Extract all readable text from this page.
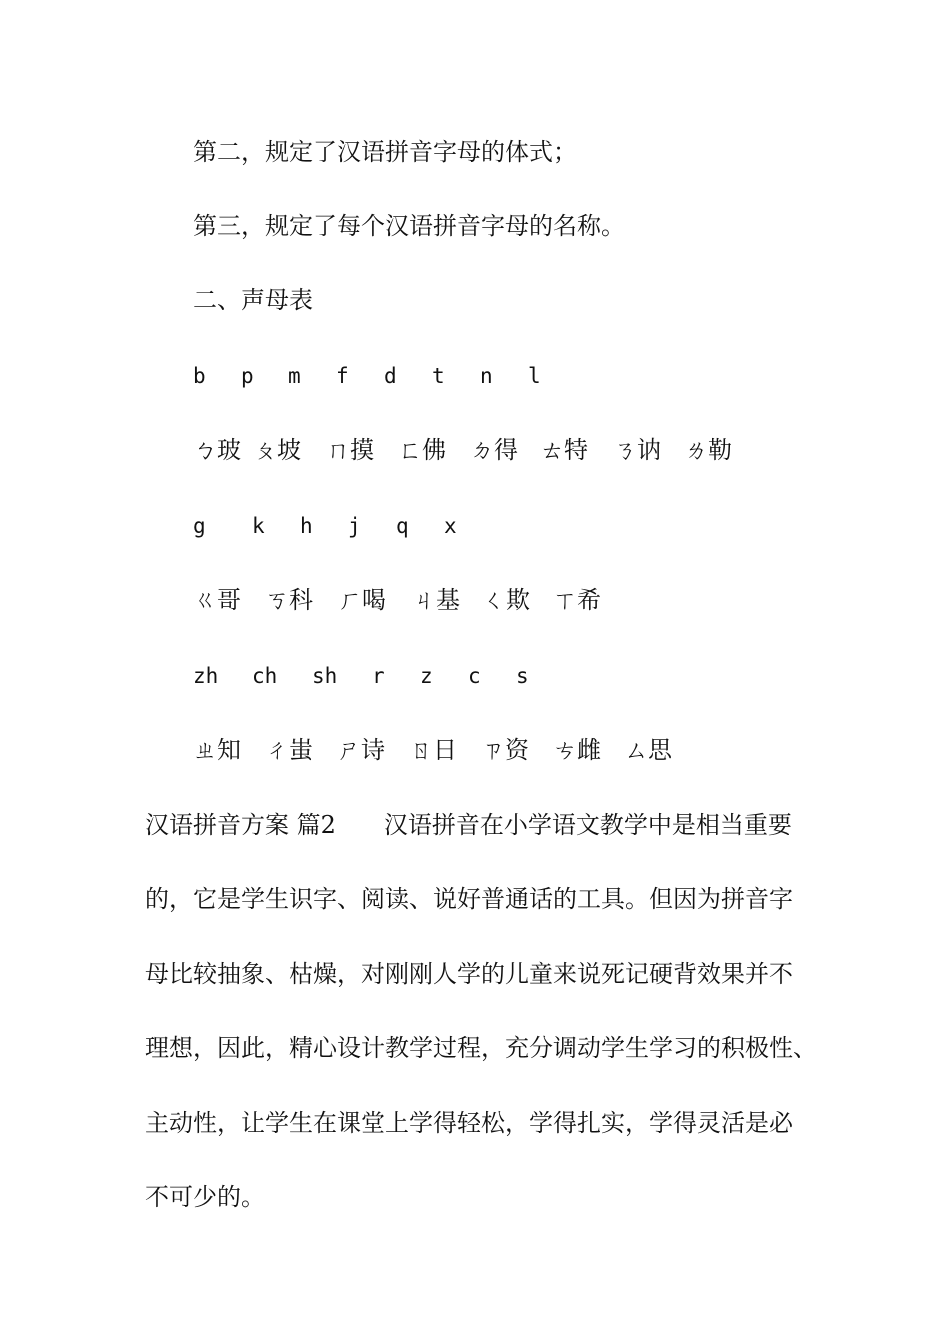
第二，规定了汉语拼音字母的体式；
第三，规定了每个汉语拼音字母的名称。
二、声母表
b p m f d t n l
ㄅ玻 ㄆ坡 ㄇ摸 ㄈ佛 ㄉ得 ㄊ特 ㄋ讷 ㄌ勒
g k h j q x
ㄍ哥 ㄎ科 ㄏ喝 ㄐ基 ㄑ欺 ㄒ希
zh ch sh r z c s
ㄓ知 ㄔ蚩 ㄕ诗 ㄖ日 ㄗ资 ㄘ雌 ㄙ思
汉语拼音方案 篇2　　汉语拼音在小学语文教学中是相当重要
的，它是学生识字、阅读、说好普通话的工具。但因为拼音字
母比较抽象、枯燥，对刚刚人学的儿童来说死记硬背效果并不
理想，因此，精心设计教学过程，充分调动学生学习的积极性、
主动性，让学生在课堂上学得轻松，学得扎实，学得灵活是必
不可少的。
